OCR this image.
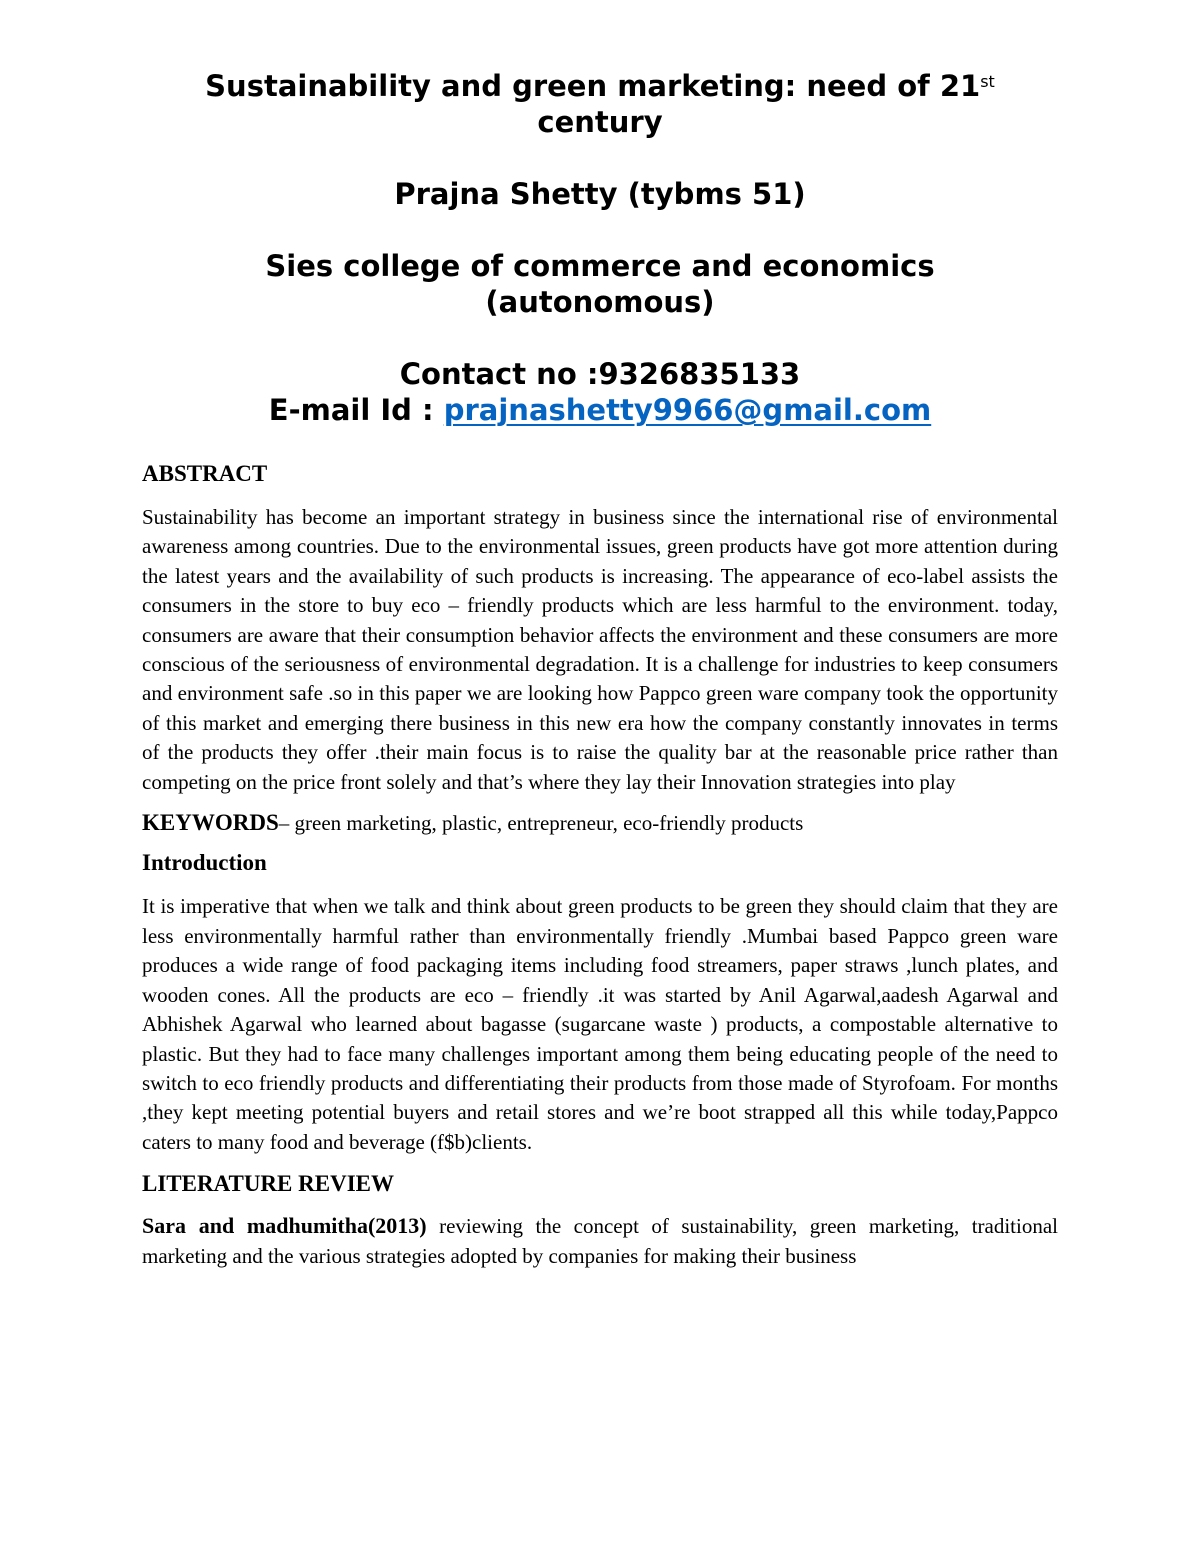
Sustainability and green marketing: need of 21st

century

Prajna Shetty (tybms 51)

Sies college of commerce and economics

(autonomous)

Contact no :9326835133

E-mail Id : prajnashetty9966@gmail.com

ABSTRACT

Sustainability has become an important strategy in business since the international rise of environmental awareness among countries. Due to the environmental issues, green products have got more attention during the latest years and the availability of such products is increasing. The appearance of eco-label assists the consumers in the store to buy eco – friendly products which are less harmful to the environment. today, consumers are aware that their consumption behavior affects the environment and these consumers are more conscious of the seriousness of environmental degradation. It is a challenge for industries to keep consumers and environment safe .so in this paper we are looking how Pappco green ware company took the opportunity of this market and emerging there business in this new era how the company constantly innovates in terms of the products they offer .their main focus is to raise the quality bar at the reasonable price rather than competing on the price front solely and that’s where they lay their Innovation strategies into play

KEYWORDS– green marketing, plastic, entrepreneur, eco-friendly products

Introduction

It is imperative that when we talk and think about green products to be green they should claim that they are less environmentally harmful rather than environmentally friendly .Mumbai based Pappco green ware produces a wide range of food packaging items including food streamers, paper straws ,lunch plates, and wooden cones. All the products are eco – friendly .it was started by Anil Agarwal,aadesh Agarwal and Abhishek Agarwal who learned about bagasse (sugarcane waste ) products, a compostable alternative to plastic. But they had to face many challenges important among them being educating people of the need to switch to eco friendly products and differentiating their products from those made of Styrofoam. For months ,they kept meeting potential buyers and retail stores and we’re boot strapped all this while today,Pappco caters to many food and beverage (f$b)clients.

LITERATURE REVIEW

Sara and madhumitha(2013) reviewing the concept of sustainability, green marketing, traditional marketing and the various strategies adopted by companies for making their business
